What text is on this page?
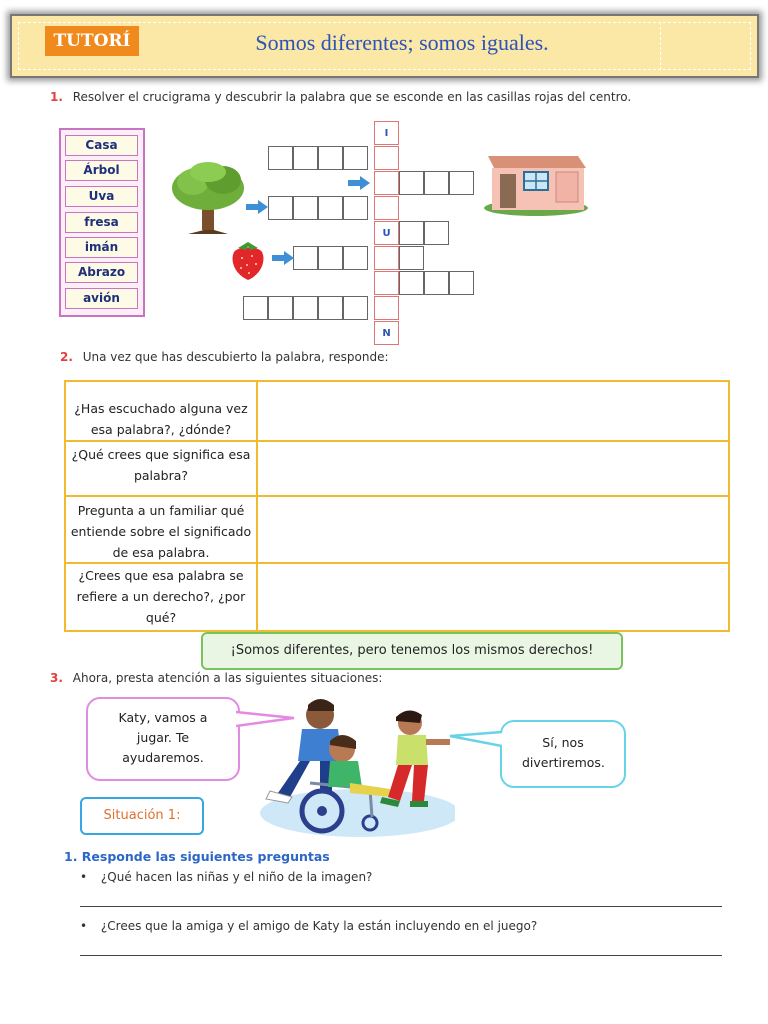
TUTORÍ	Somos diferentes; somos iguales.
1. Resolver el crucigrama y descubrir la palabra que se esconde en las casillas rojas del centro.
Casa
Árbol
Uva
fresa
imán
Abrazo
avión
I
U
N
2. Una vez que has descubierto la palabra, responde:
¿Has escuchado alguna vez esa palabra?, ¿dónde?
¿Qué crees que significa esa palabra?
Pregunta a un familiar qué entiende sobre el significado de esa palabra.
¿Crees que esa palabra se refiere a un derecho?, ¿por qué?
¡Somos diferentes, pero tenemos los mismos derechos!
3. Ahora, presta atención a las siguientes situaciones:
Katy, vamos a jugar. Te ayudaremos.
Sí, nos divertiremos.
Situación 1:
1. Responde las siguientes preguntas
• ¿Qué hacen las niñas y el niño de la imagen?
• ¿Crees que la amiga y el amigo de Katy la están incluyendo en el juego?
